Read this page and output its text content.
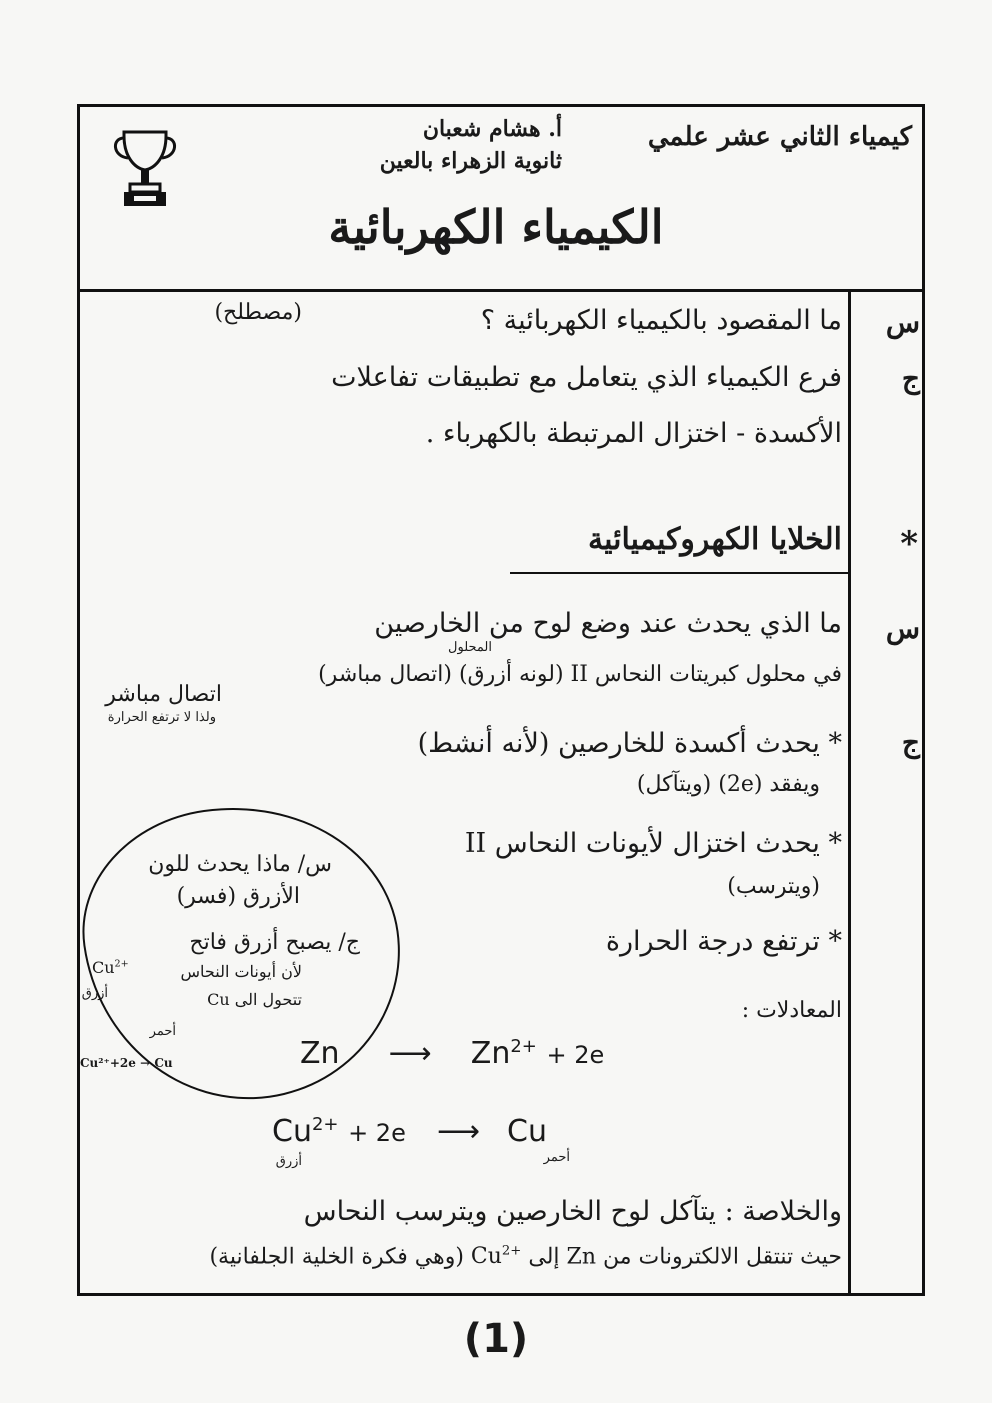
كيمياء الثاني عشر علمي
أ. هشام شعبان
ثانوية الزهراء بالعين
الكيمياء الكهربائية
س
ما المقصود بالكيمياء الكهربائية ؟
(مصطلح)
ج
فرع الكيمياء الذي يتعامل مع تطبيقات تفاعلات
الأكسدة - اختزال المرتبطة بالكهرباء .
*
الخلايا الكهروكيميائية
س
ما الذي يحدث عند وضع لوح من الخارصين
المحلول
في محلول كبريتات النحاس II (لونه أزرق) (اتصال مباشر)
اتصال مباشر
ولذا لا ترتفع الحرارة
ج
* يحدث أكسدة للخارصين (لأنه أنشط)
ويفقد (2e) (ويتآكل)
* يحدث اختزال لأيونات النحاس II
(ويترسب)
* ترتفع درجة الحرارة
س/ ماذا يحدث للون
الأزرق (فسر)
ج/ يصبح أزرق فاتح
لأن أيونات النحاس
تتحول الى Cu
$Cu^{2+}$
أزرق
أحمر
Cu²⁺+2e → Cu
المعادلات :
Zn ⟶ $Zn^{2+} + 2e$
$Cu^{2+} + 2e$ ⟶ Cu
أزرق	أحمر
والخلاصة : يتآكل لوح الخارصين ويترسب النحاس
حيث تنتقل الالكترونات من Zn إلى $Cu^{2+}$ (وهي فكرة الخلية الجلفانية)
(1)
